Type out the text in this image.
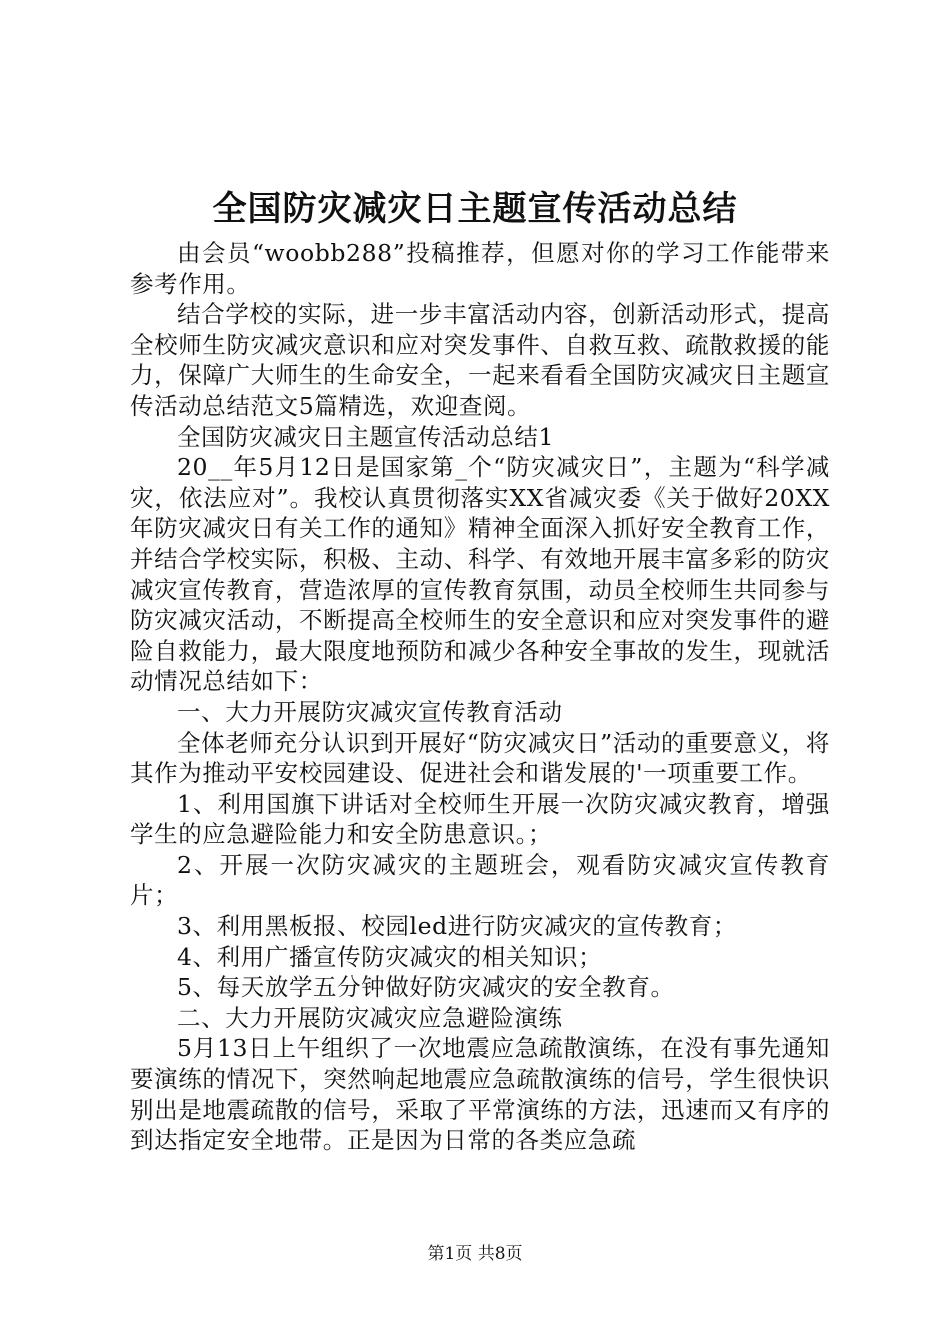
全国防灾减灾日主题宣传活动总结

由会员“woobb288”投稿推荐，但愿对你的学习工作能带来参考作用。

结合学校的实际，进一步丰富活动内容，创新活动形式，提高全校师生防灾减灾意识和应对突发事件、自救互救、疏散救援的能力，保障广大师生的生命安全，一起来看看全国防灾减灾日主题宣传活动总结范文5篇精选，欢迎查阅。

全国防灾减灾日主题宣传活动总结1

20__年5月12日是国家第_个“防灾减灾日”，主题为“科学减灾，依法应对”。我校认真贯彻落实XX省减灾委《关于做好20XX年防灾减灾日有关工作的通知》精神全面深入抓好安全教育工作，并结合学校实际，积极、主动、科学、有效地开展丰富多彩的防灾减灾宣传教育，营造浓厚的宣传教育氛围，动员全校师生共同参与防灾减灾活动，不断提高全校师生的安全意识和应对突发事件的避险自救能力，最大限度地预防和减少各种安全事故的发生，现就活动情况总结如下：

一、大力开展防灾减灾宣传教育活动

全体老师充分认识到开展好“防灾减灾日”活动的重要意义，将其作为推动平安校园建设、促进社会和谐发展的'一项重要工作。

1、利用国旗下讲话对全校师生开展一次防灾减灾教育，增强学生的应急避险能力和安全防患意识。；

2、开展一次防灾减灾的主题班会，观看防灾减灾宣传教育片；

3、利用黑板报、校园led进行防灾减灾的宣传教育；

4、利用广播宣传防灾减灾的相关知识；

5、每天放学五分钟做好防灾减灾的安全教育。

二、大力开展防灾减灾应急避险演练

5月13日上午组织了一次地震应急疏散演练，在没有事先通知要演练的情况下，突然响起地震应急疏散演练的信号，学生很快识别出是地震疏散的信号，采取了平常演练的方法，迅速而又有序的到达指定安全地带。正是因为日常的各类应急疏

第1页 共8页
